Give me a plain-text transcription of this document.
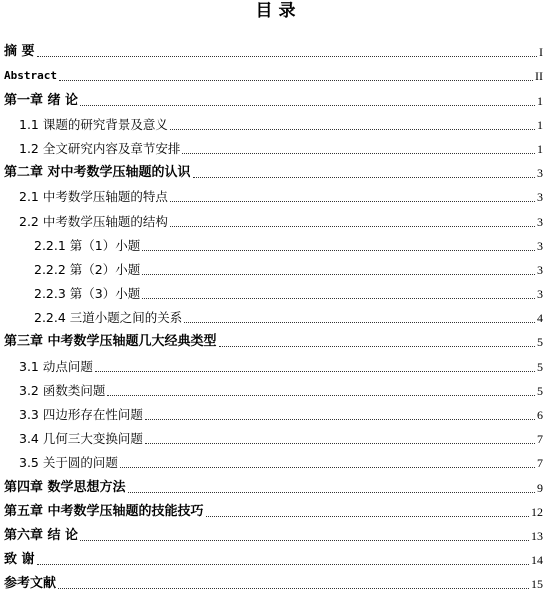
目 录
摘 要	I
Abstract	II
第一章 绪 论	1
1.1 课题的研究背景及意义	1
1.2 全文研究内容及章节安排	1
第二章 对中考数学压轴题的认识	3
2.1 中考数学压轴题的特点	3
2.2 中考数学压轴题的结构	3
2.2.1 第（1）小题	3
2.2.2 第（2）小题	3
2.2.3 第（3）小题	3
2.2.4 三道小题之间的关系	4
第三章 中考数学压轴题几大经典类型	5
3.1 动点问题	5
3.2 函数类问题	5
3.3 四边形存在性问题	6
3.4 几何三大变换问题	7
3.5 关于圆的问题	7
第四章 数学思想方法	9
第五章 中考数学压轴题的技能技巧	12
第六章 结 论	13
致 谢	14
参考文献	15
